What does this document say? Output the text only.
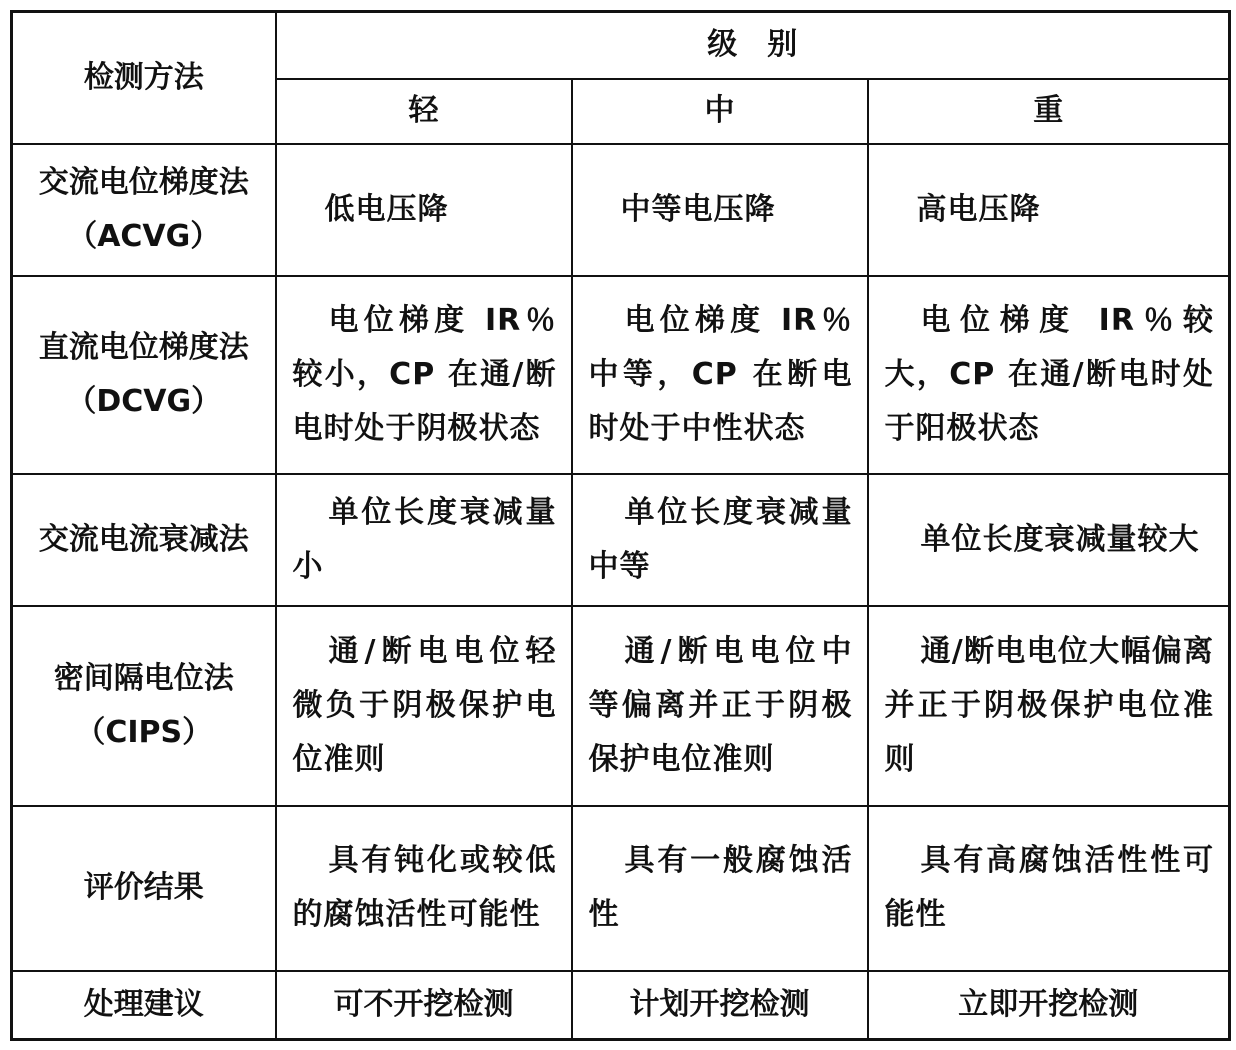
检测方法	级　别		
	轻	中	重

交流电位梯度法
（ACVG）	低电压降	中等电压降	高电压降

直流电位梯度法
（DCVG）	电位梯度 IR％较小，CP 在通/断电时处于阴极状态	电位梯度 IR％中等，CP 在断电时处于中性状态	电位梯度 IR％较大，CP 在通/断电时处于阳极状态

交流电流衰减法	单位长度衰减量小	单位长度衰减量中等	单位长度衰减量较大

密间隔电位法
（CIPS）	通/断电电位轻微负于阴极保护电位准则	通/断电电位中等偏离并正于阴极保护电位准则	通/断电电位大幅偏离并正于阴极保护电位准则

评价结果	具有钝化或较低的腐蚀活性可能性	具有一般腐蚀活性	具有高腐蚀活性性可能性

处理建议	可不开挖检测	计划开挖检测	立即开挖检测
